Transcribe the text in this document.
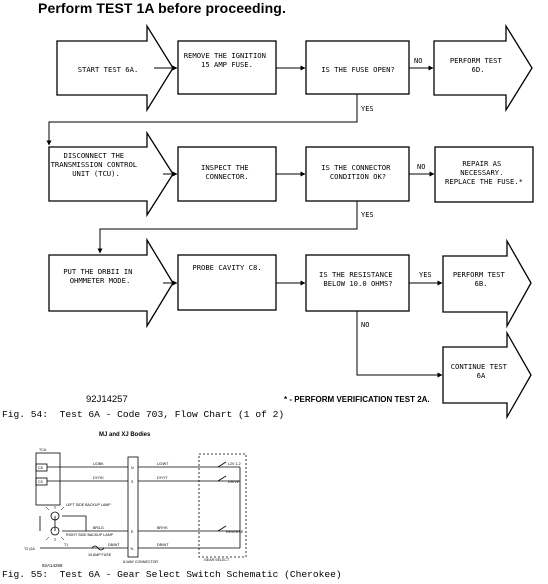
Perform TEST 1A before proceeding.
START TEST 6A.
REMOVE THE IGNITION 15 AMP FUSE.
IS THE FUSE OPEN?
NO	PERFORM TEST 6D.
YES
DISCONNECT THE TRANSMISSION CONTROL UNIT (TCU).
INSPECT THE CONNECTOR.
IS THE CONNECTOR CONDITION OK?
NO	REPAIR AS NECESSARY. REPLACE THE FUSE.*
YES
PUT THE DRBII IN OHMMETER MODE.
PROBE CAVITY C8.
IS THE RESISTANCE BELOW 10.0 OHMS?
YES	PERFORM TEST 6B.
NO
CONTINUE TEST 6A
MJ and XJ Bodies
TCU
C8
C9
LG/BK
DY/YK
BR/LG
DB/WT
LG/WT
DY/YT
BR/YK
DB/WT
N
S
E
YL
L2V 1-2
DRIVE
REVERSE
LEFT SIDE BACKUP LAMP
RIGHT SIDE BACKUP LAMP
15 AMP FUSE
8-WAY CONNECTOR	GEAR SELECT
T2 (2A
T1
92A14258
92J14257	* - PERFORM VERIFICATION TEST 2A.
Fig. 54:  Test 6A - Code 703, Flow Chart (1 of 2)
Fig. 55:  Test 6A - Gear Select Switch Schematic (Cherokee)
